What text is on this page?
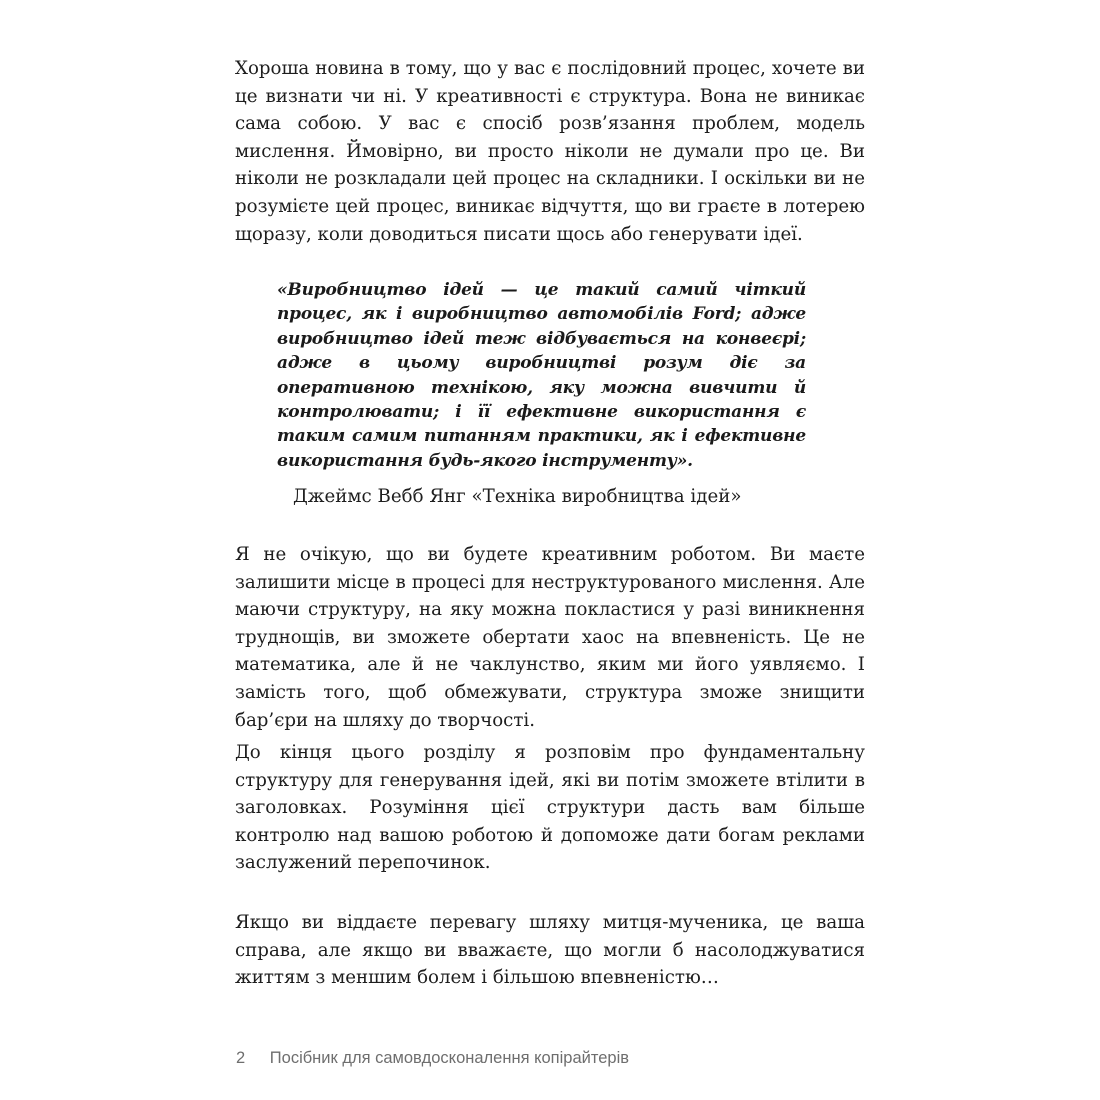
Хороша новина в тому, що у вас є послідовний процес, хочете ви це визнати чи ні. У креативності є структура. Вона не виникає сама собою. У вас є спосіб розв’язання проблем, модель мислення. Ймовірно, ви просто ніколи не думали про це. Ви ніколи не розкладали цей процес на складники. І оскільки ви не розумієте цей процес, виникає відчуття, що ви граєте в лотерею щоразу, коли доводиться писати щось або генерувати ідеї.

«Виробництво ідей — це такий самий чіткий процес, як і виробництво автомобілів Ford; адже виробництво ідей теж відбувається на конвеєрі; адже в цьому виробництві розум діє за оперативною технікою, яку можна вивчити й контролювати; і її ефективне використання є таким самим питанням практики, як і ефективне використання будь-якого інструменту».

Джеймс Вебб Янг «Техніка виробництва ідей»

Я не очікую, що ви будете креативним роботом. Ви маєте залишити місце в процесі для неструктурованого мислення. Але маючи структуру, на яку можна покластися у разі виникнення труднощів, ви зможете обертати хаос на впевненість. Це не математика, але й не чаклунство, яким ми його уявляємо. І замість того, щоб обмежувати, структура зможе знищити бар’єри на шляху до творчості.

До кінця цього розділу я розповім про фундаментальну структуру для генерування ідей, які ви потім зможете втілити в заголовках. Розуміння цієї структури дасть вам більше контролю над вашою роботою й допоможе дати богам реклами заслужений перепочинок.

Якщо ви віддаєте перевагу шляху митця-мученика, це ваша справа, але якщо ви вважаєте, що могли б насолоджуватися життям з меншим болем і більшою впевненістю…

2 Посібник для самовдосконалення копірайтерів
